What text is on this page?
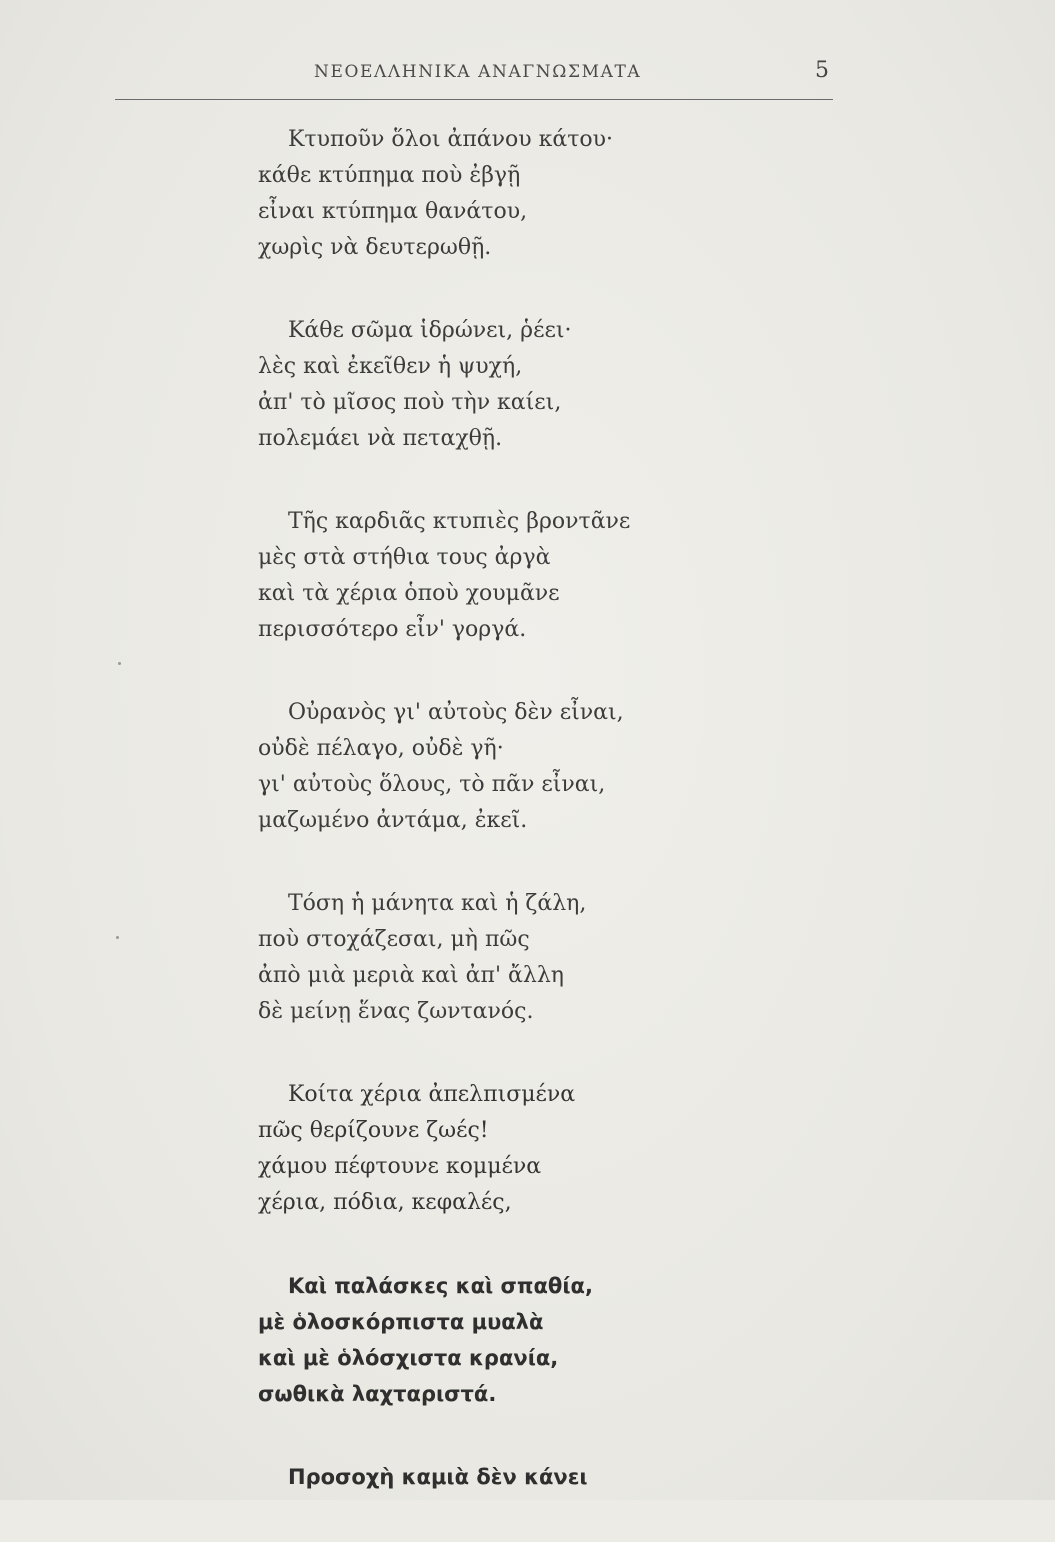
ΝΕΟΕΛΛΗΝΙΚΑ ΑΝΑΓΝΩΣΜΑΤΑ	5
Κτυποῦν ὅλοι ἀπάνου κάτου·
κάθε κτύπημα ποὺ ἐβγῇ
εἶναι κτύπημα θανάτου,
χωρὶς νὰ δευτερωθῇ.
Κάθε σῶμα ἱδρώνει, ῥέει·
λὲς καὶ ἐκεῖθεν ἡ ψυχή,
ἀπ' τὸ μῖσος ποὺ τὴν καίει,
πολεμάει νὰ πεταχθῇ.
Τῆς καρδιᾶς κτυπιὲς βροντᾶνε
μὲς στὰ στήθια τους ἀργὰ
καὶ τὰ χέρια ὁποὺ χουμᾶνε
περισσότερο εἶν' γοργά.
Οὐρανὸς γι' αὐτοὺς δὲν εἶναι,
οὐδὲ πέλαγο, οὐδὲ γῆ·
γι' αὐτοὺς ὅλους, τὸ πᾶν εἶναι,
μαζωμένο ἀντάμα, ἐκεῖ.
Τόση ἡ μάνητα καὶ ἡ ζάλη,
ποὺ στοχάζεσαι, μὴ πῶς
ἀπὸ μιὰ μεριὰ καὶ ἀπ' ἄλλη
δὲ μείνῃ ἕνας ζωντανός.
Κοίτα χέρια ἀπελπισμένα
πῶς θερίζουνε ζωές!
χάμου πέφτουνε κομμένα
χέρια, πόδια, κεφαλές,
Καὶ παλάσκες καὶ σπαθία,
μὲ ὁλοσκόρπιστα μυαλὰ
καὶ μὲ ὁλόσχιστα κρανία,
σωθικὰ λαχταριστά.
Προσοχὴ καμιὰ δὲν κάνει
